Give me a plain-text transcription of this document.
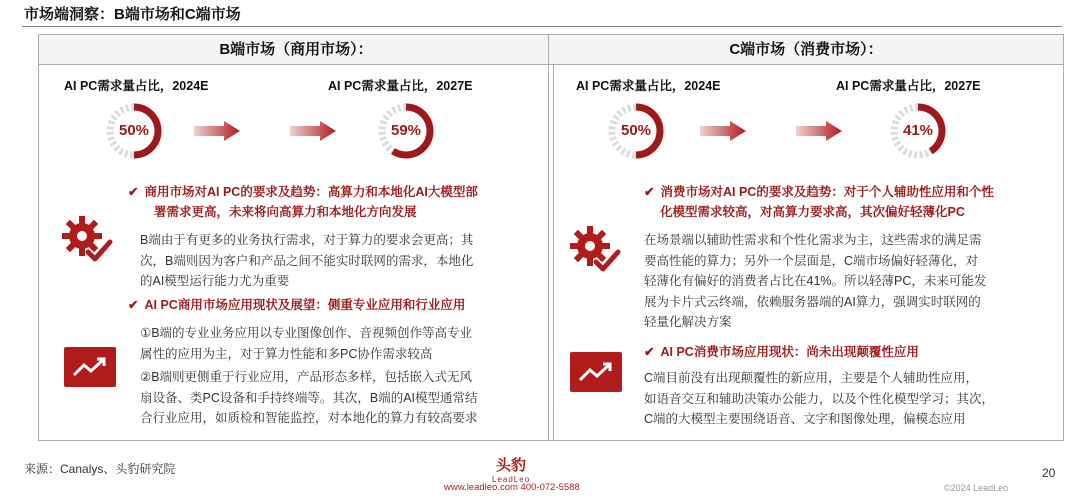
市场端洞察：B端市场和C端市场
B端市场（商用市场）：
AI PC需求量占比，2024E
50%
AI PC需求量占比，2027E
59%
✔ 商用市场对AI PC的要求及趋势：高算力和本地化AI大模型部
署需求更高，未来将向高算力和本地化方向发展
B端由于有更多的业务执行需求，对于算力的要求会更高；其
次，B端则因为客户和产品之间不能实时联网的需求，本地化
的AI模型运行能力尤为重要
✔ AI PC商用市场应用现状及展望：侧重专业应用和行业应用
①B端的专业业务应用以专业图像创作、音视频创作等高专业
属性的应用为主，对于算力性能和多PC协作需求较高
②B端则更侧重于行业应用，产品形态多样，包括嵌入式无风
扇设备、类PC设备和手持终端等。其次，B端的AI模型通常结
合行业应用，如质检和智能监控，对本地化的算力有较高要求
C端市场（消费市场）：
AI PC需求量占比，2024E
50%
AI PC需求量占比，2027E
41%
✔ 消费市场对AI PC的要求及趋势：对于个人辅助性应用和个性
化模型需求较高，对高算力要求高，其次偏好轻薄化PC
在场景端以辅助性需求和个性化需求为主，这些需求的满足需
要高性能的算力；另外一个层面是，C端市场偏好轻薄化，对
轻薄化有偏好的消费者占比在41%。所以轻薄PC，未来可能发
展为卡片式云终端，依赖服务器端的AI算力，强调实时联网的
轻量化解决方案
✔ AI PC消费市场应用现状：尚未出现颠覆性应用
C端目前没有出现颠覆性的新应用，主要是个人辅助性应用，
如语音交互和辅助决策办公能力，以及个性化模型学习；其次，
C端的大模型主要围绕语音、文字和图像处理，偏模态应用
来源：Canalys、头豹研究院	头豹
LeadLeo
www.leadleo.com 400-072-5588	©2024 LeadLeo
20
